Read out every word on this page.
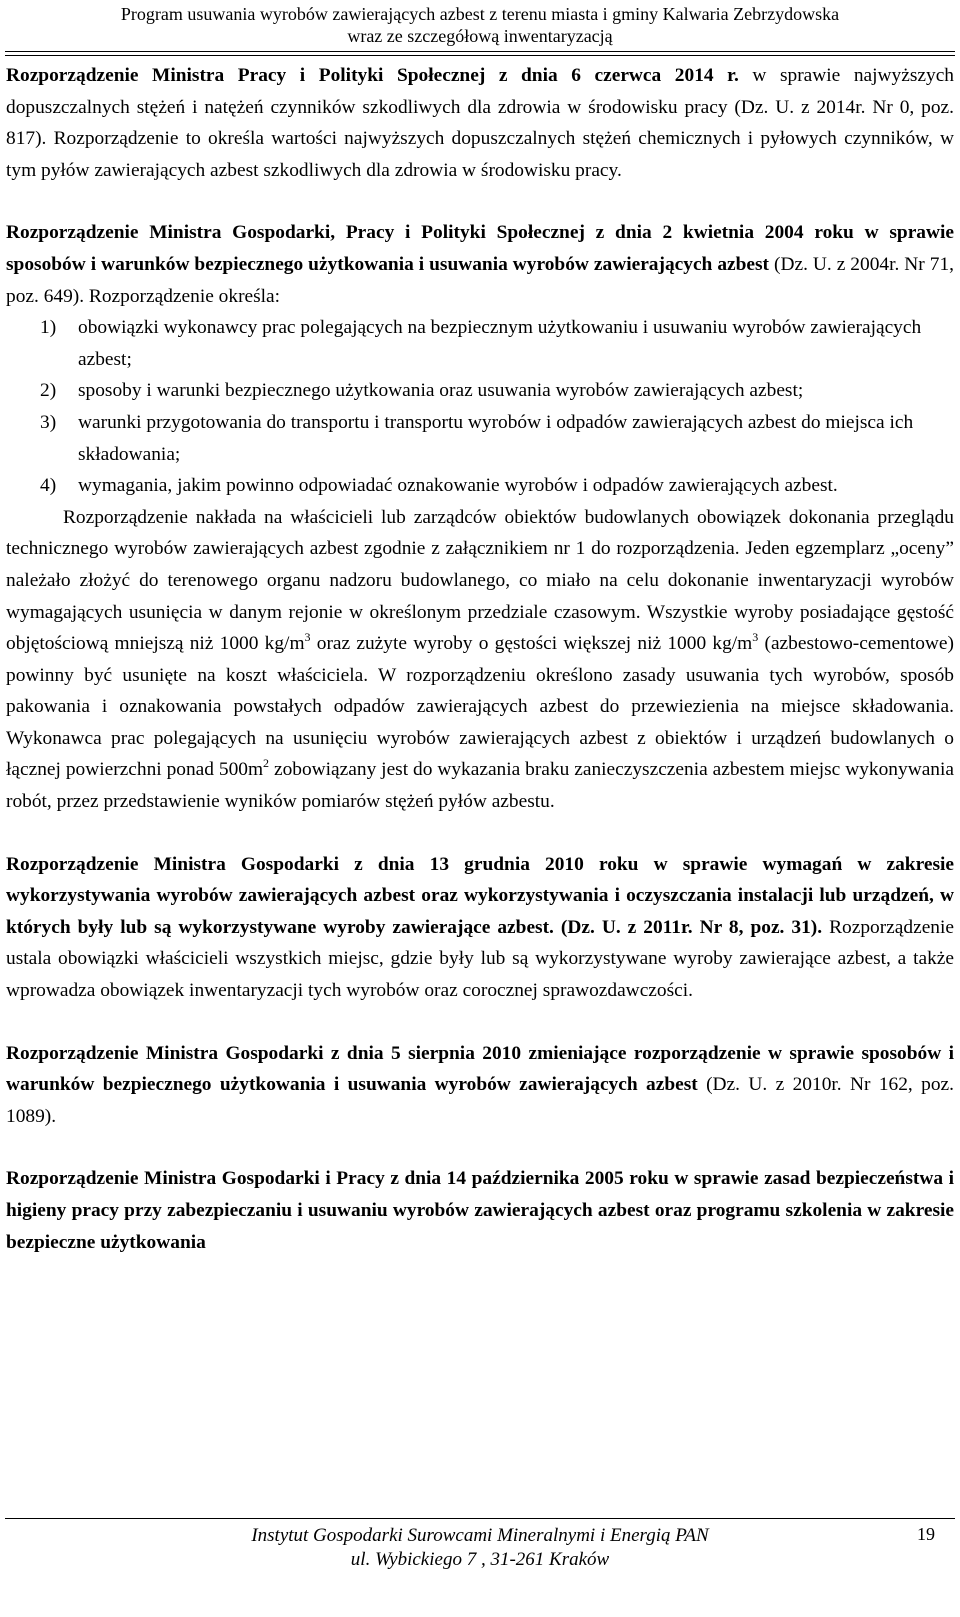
Program usuwania wyrobów zawierających azbest z terenu miasta i gminy Kalwaria Zebrzydowska
wraz ze szczegółową inwentaryzacją

Rozporządzenie Ministra Pracy i Polityki Społecznej z dnia 6 czerwca 2014 r. w sprawie najwyższych dopuszczalnych stężeń i natężeń czynników szkodliwych dla zdrowia w środowisku pracy (Dz. U. z 2014r. Nr 0, poz. 817). Rozporządzenie to określa wartości najwyższych dopuszczalnych stężeń chemicznych i pyłowych czynników, w tym pyłów zawierających azbest szkodliwych dla zdrowia w środowisku pracy.

Rozporządzenie Ministra Gospodarki, Pracy i Polityki Społecznej z dnia 2 kwietnia 2004 roku w sprawie sposobów i warunków bezpiecznego użytkowania i usuwania wyrobów zawierających azbest (Dz. U. z 2004r. Nr 71, poz. 649). Rozporządzenie określa:

1) obowiązki wykonawcy prac polegających na bezpiecznym użytkowaniu i usuwaniu wyrobów zawierających azbest;
2) sposoby i warunki bezpiecznego użytkowania oraz usuwania wyrobów zawierających azbest;
3) warunki przygotowania do transportu i transportu wyrobów i odpadów zawierających azbest do miejsca ich składowania;
4) wymagania, jakim powinno odpowiadać oznakowanie wyrobów i odpadów zawierających azbest.

Rozporządzenie nakłada na właścicieli lub zarządców obiektów budowlanych obowiązek dokonania przeglądu technicznego wyrobów zawierających azbest zgodnie z załącznikiem nr 1 do rozporządzenia. Jeden egzemplarz „oceny” należało złożyć do terenowego organu nadzoru budowlanego, co miało na celu dokonanie inwentaryzacji wyrobów wymagających usunięcia w danym rejonie w określonym przedziale czasowym. Wszystkie wyroby posiadające gęstość objętościową mniejszą niż 1000 $kg/m^3$ oraz zużyte wyroby o gęstości większej niż 1000 $kg/m^3$ (azbestowo-cementowe) powinny być usunięte na koszt właściciela. W rozporządzeniu określono zasady usuwania tych wyrobów, sposób pakowania i oznakowania powstałych odpadów zawierających azbest do przewiezienia na miejsce składowania. Wykonawca prac polegających na usunięciu wyrobów zawierających azbest z obiektów i urządzeń budowlanych o łącznej powierzchni ponad $500m^2$ zobowiązany jest do wykazania braku zanieczyszczenia azbestem miejsc wykonywania robót, przez przedstawienie wyników pomiarów stężeń pyłów azbestu.

Rozporządzenie Ministra Gospodarki z dnia 13 grudnia 2010 roku w sprawie wymagań w zakresie wykorzystywania wyrobów zawierających azbest oraz wykorzystywania i oczyszczania instalacji lub urządzeń, w których były lub są wykorzystywane wyroby zawierające azbest. (Dz. U. z 2011r. Nr 8, poz. 31). Rozporządzenie ustala obowiązki właścicieli wszystkich miejsc, gdzie były lub są wykorzystywane wyroby zawierające azbest, a także wprowadza obowiązek inwentaryzacji tych wyrobów oraz corocznej sprawozdawczości.

Rozporządzenie Ministra Gospodarki z dnia 5 sierpnia 2010 zmieniające rozporządzenie w sprawie sposobów i warunków bezpiecznego użytkowania i usuwania wyrobów zawierających azbest (Dz. U. z 2010r. Nr 162, poz. 1089).

Rozporządzenie Ministra Gospodarki i Pracy z dnia 14 października 2005 roku w sprawie zasad bezpieczeństwa i higieny pracy przy zabezpieczaniu i usuwaniu wyrobów zawierających azbest oraz programu szkolenia w zakresie bezpieczne użytkowania

Instytut Gospodarki Surowcami Mineralnymi i Energią PAN
ul. Wybickiego 7 , 31-261 Kraków
19
